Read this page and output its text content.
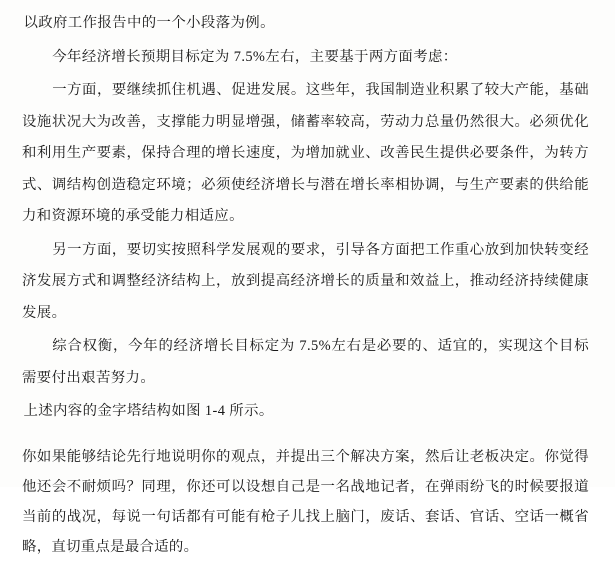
以政府工作报告中的一个小段落为例。

今年经济增长预期目标定为 7.5%左右，主要基于两方面考虑：

一方面，要继续抓住机遇、促进发展。这些年，我国制造业积累了较大产能，基础设施状况大为改善，支撑能力明显增强，储蓄率较高，劳动力总量仍然很大。必须优化和利用生产要素，保持合理的增长速度，为增加就业、改善民生提供必要条件，为转方式、调结构创造稳定环境；必须使经济增长与潜在增长率相协调，与生产要素的供给能力和资源环境的承受能力相适应。

另一方面，要切实按照科学发展观的要求，引导各方面把工作重心放到加快转变经济发展方式和调整经济结构上，放到提高经济增长的质量和效益上，推动经济持续健康发展。

综合权衡，今年的经济增长目标定为 7.5%左右是必要的、适宜的，实现这个目标需要付出艰苦努力。

上述内容的金字塔结构如图 1-4 所示。

你如果能够结论先行地说明你的观点，并提出三个解决方案，然后让老板决定。你觉得他还会不耐烦吗？同理，你还可以设想自己是一名战地记者，在弹雨纷飞的时候要报道当前的战况，每说一句话都有可能有枪子儿找上脑门，废话、套话、官话、空话一概省略，直切重点是最合适的。
